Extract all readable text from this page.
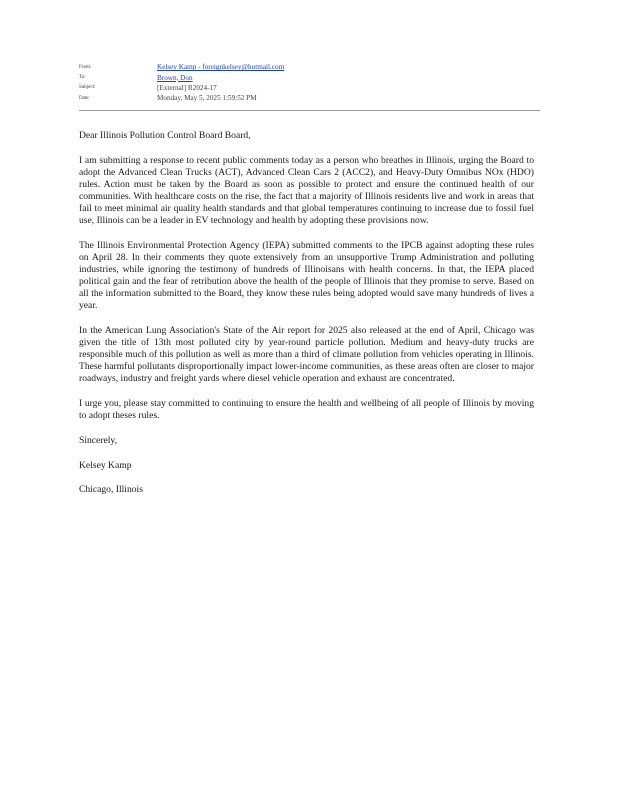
From:	Kelsey Kamp - foreignkelsey@hotmail.com
To:	Brown, Don
Subject:	[External] R2024-17
Date:	Monday, May 5, 2025 1:59:52 PM

Dear Illinois Pollution Control Board Board,

I am submitting a response to recent public comments today as a person who breathes in Illinois, urging the Board to adopt the Advanced Clean Trucks (ACT), Advanced Clean Cars 2 (ACC2), and Heavy-Duty Omnibus NOx (HDO) rules. Action must be taken by the Board as soon as possible to protect and ensure the continued health of our communities. With healthcare costs on the rise, the fact that a majority of Illinois residents live and work in areas that fail to meet minimal air quality health standards and that global temperatures continuing to increase due to fossil fuel use, Illinois can be a leader in EV technology and health by adopting these provisions now.

The Illinois Environmental Protection Agency (IEPA) submitted comments to the IPCB against adopting these rules on April 28. In their comments they quote extensively from an unsupportive Trump Administration and polluting industries, while ignoring the testimony of hundreds of Illinoisans with health concerns. In that, the IEPA placed political gain and the fear of retribution above the health of the people of Illinois that they promise to serve. Based on all the information submitted to the Board, they know these rules being adopted would save many hundreds of lives a year.

In the American Lung Association's State of the Air report for 2025 also released at the end of April, Chicago was given the title of 13th most polluted city by year-round particle pollution. Medium and heavy-duty trucks are responsible much of this pollution as well as more than a third of climate pollution from vehicles operating in Illinois. These harmful pollutants disproportionally impact lower-income communities, as these areas often are closer to major roadways, industry and freight yards where diesel vehicle operation and exhaust are concentrated.

I urge you, please stay committed to continuing to ensure the health and wellbeing of all people of Illinois by moving to adopt theses rules.

Sincerely,

Kelsey Kamp

Chicago, Illinois
